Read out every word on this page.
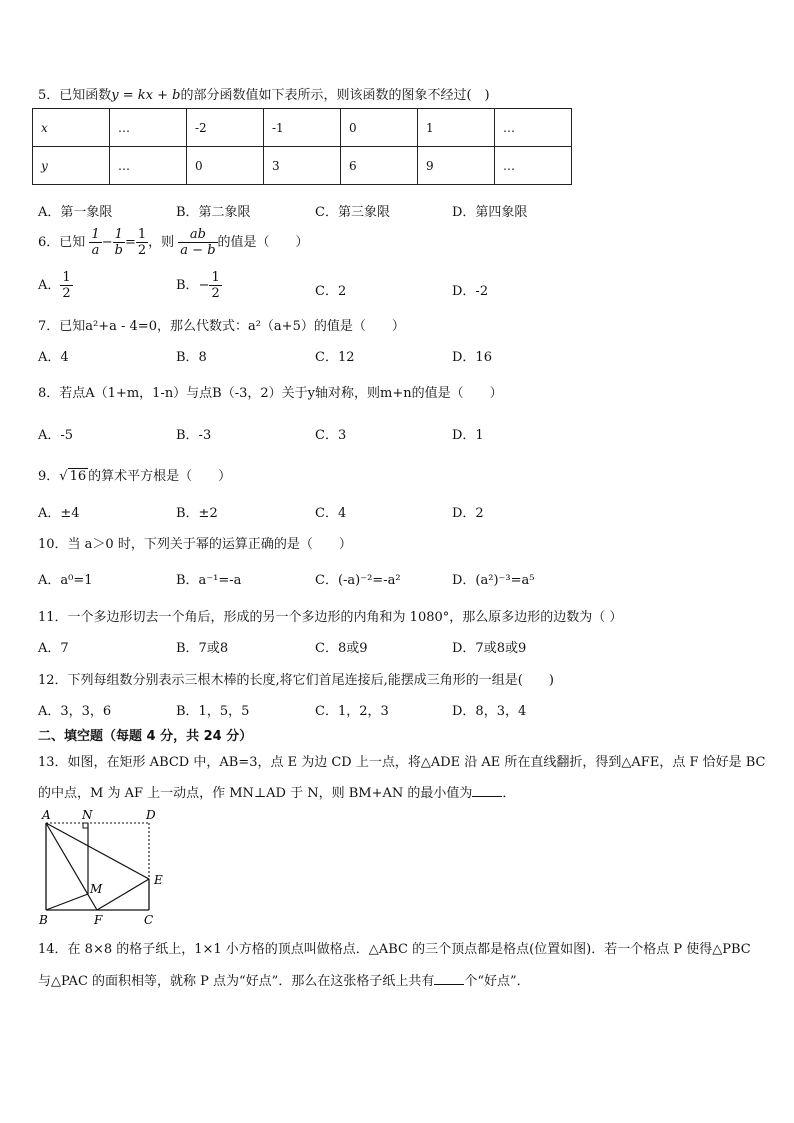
5．已知函数y = kx + b的部分函数值如下表所示，则该函数的图象不经过(　)
x	…	-2	-1	0	1	…
y	…	0	3	6	9	…
A．第一象限	B．第二象限	C．第三象限	D．第四象限
6．已知 $\frac{1}{a} - \frac{1}{b} = \frac{1}{2}$ ，则 $\frac{ab}{a - b}$ 的值是（　　）
A． $\frac{1}{2}$	B．− $\frac{1}{2}$	C．2	D．-2
7．已知a²+a - 4=0，那么代数式：a²（a+5）的值是（　　）
A．4	B．8	C．12	D．16
8．若点A（1+m，1-n）与点B（-3，2）关于y轴对称，则m+n的值是（　　）
A．-5	B．-3	C．3	D．1
9．√ 16 的算术平方根是（　　）
A．±4	B．±2	C．4	D．2
10．当 a＞0 时，下列关于幂的运算正确的是（　　）
A．a⁰=1	B．a⁻¹=-a	C．(-a)⁻²=-a²	D．(a²)⁻³=a⁵
11．一个多边形切去一个角后，形成的另一个多边形的内角和为 1080°，那么原多边形的边数为（ ）
A．7	B．7或8	C．8或9	D．7或8或9
12．下列每组数分别表示三根木棒的长度,将它们首尾连接后,能摆成三角形的一组是(　　)
A．3，3，6	B．1，5，5	C．1，2，3	D．8，3，4
二、填空题（每题 4 分，共 24 分）
13．如图，在矩形 ABCD 中，AB=3，点 E 为边 CD 上一点，将△ADE 沿 AE 所在直线翻折，得到△AFE，点 F 恰好是 BC
的中点，M 为 AF 上一动点，作 MN⊥AD 于 N，则 BM+AN 的最小值为 ．
A	N	D
M
E
B	F	C
14．在 8×8 的格子纸上，1×1 小方格的顶点叫做格点．△ABC 的三个顶点都是格点(位置如图)．若一个格点 P 使得△PBC
与△PAC 的面积相等，就称 P 点为“好点”．那么在这张格子纸上共有 个“好点”．
